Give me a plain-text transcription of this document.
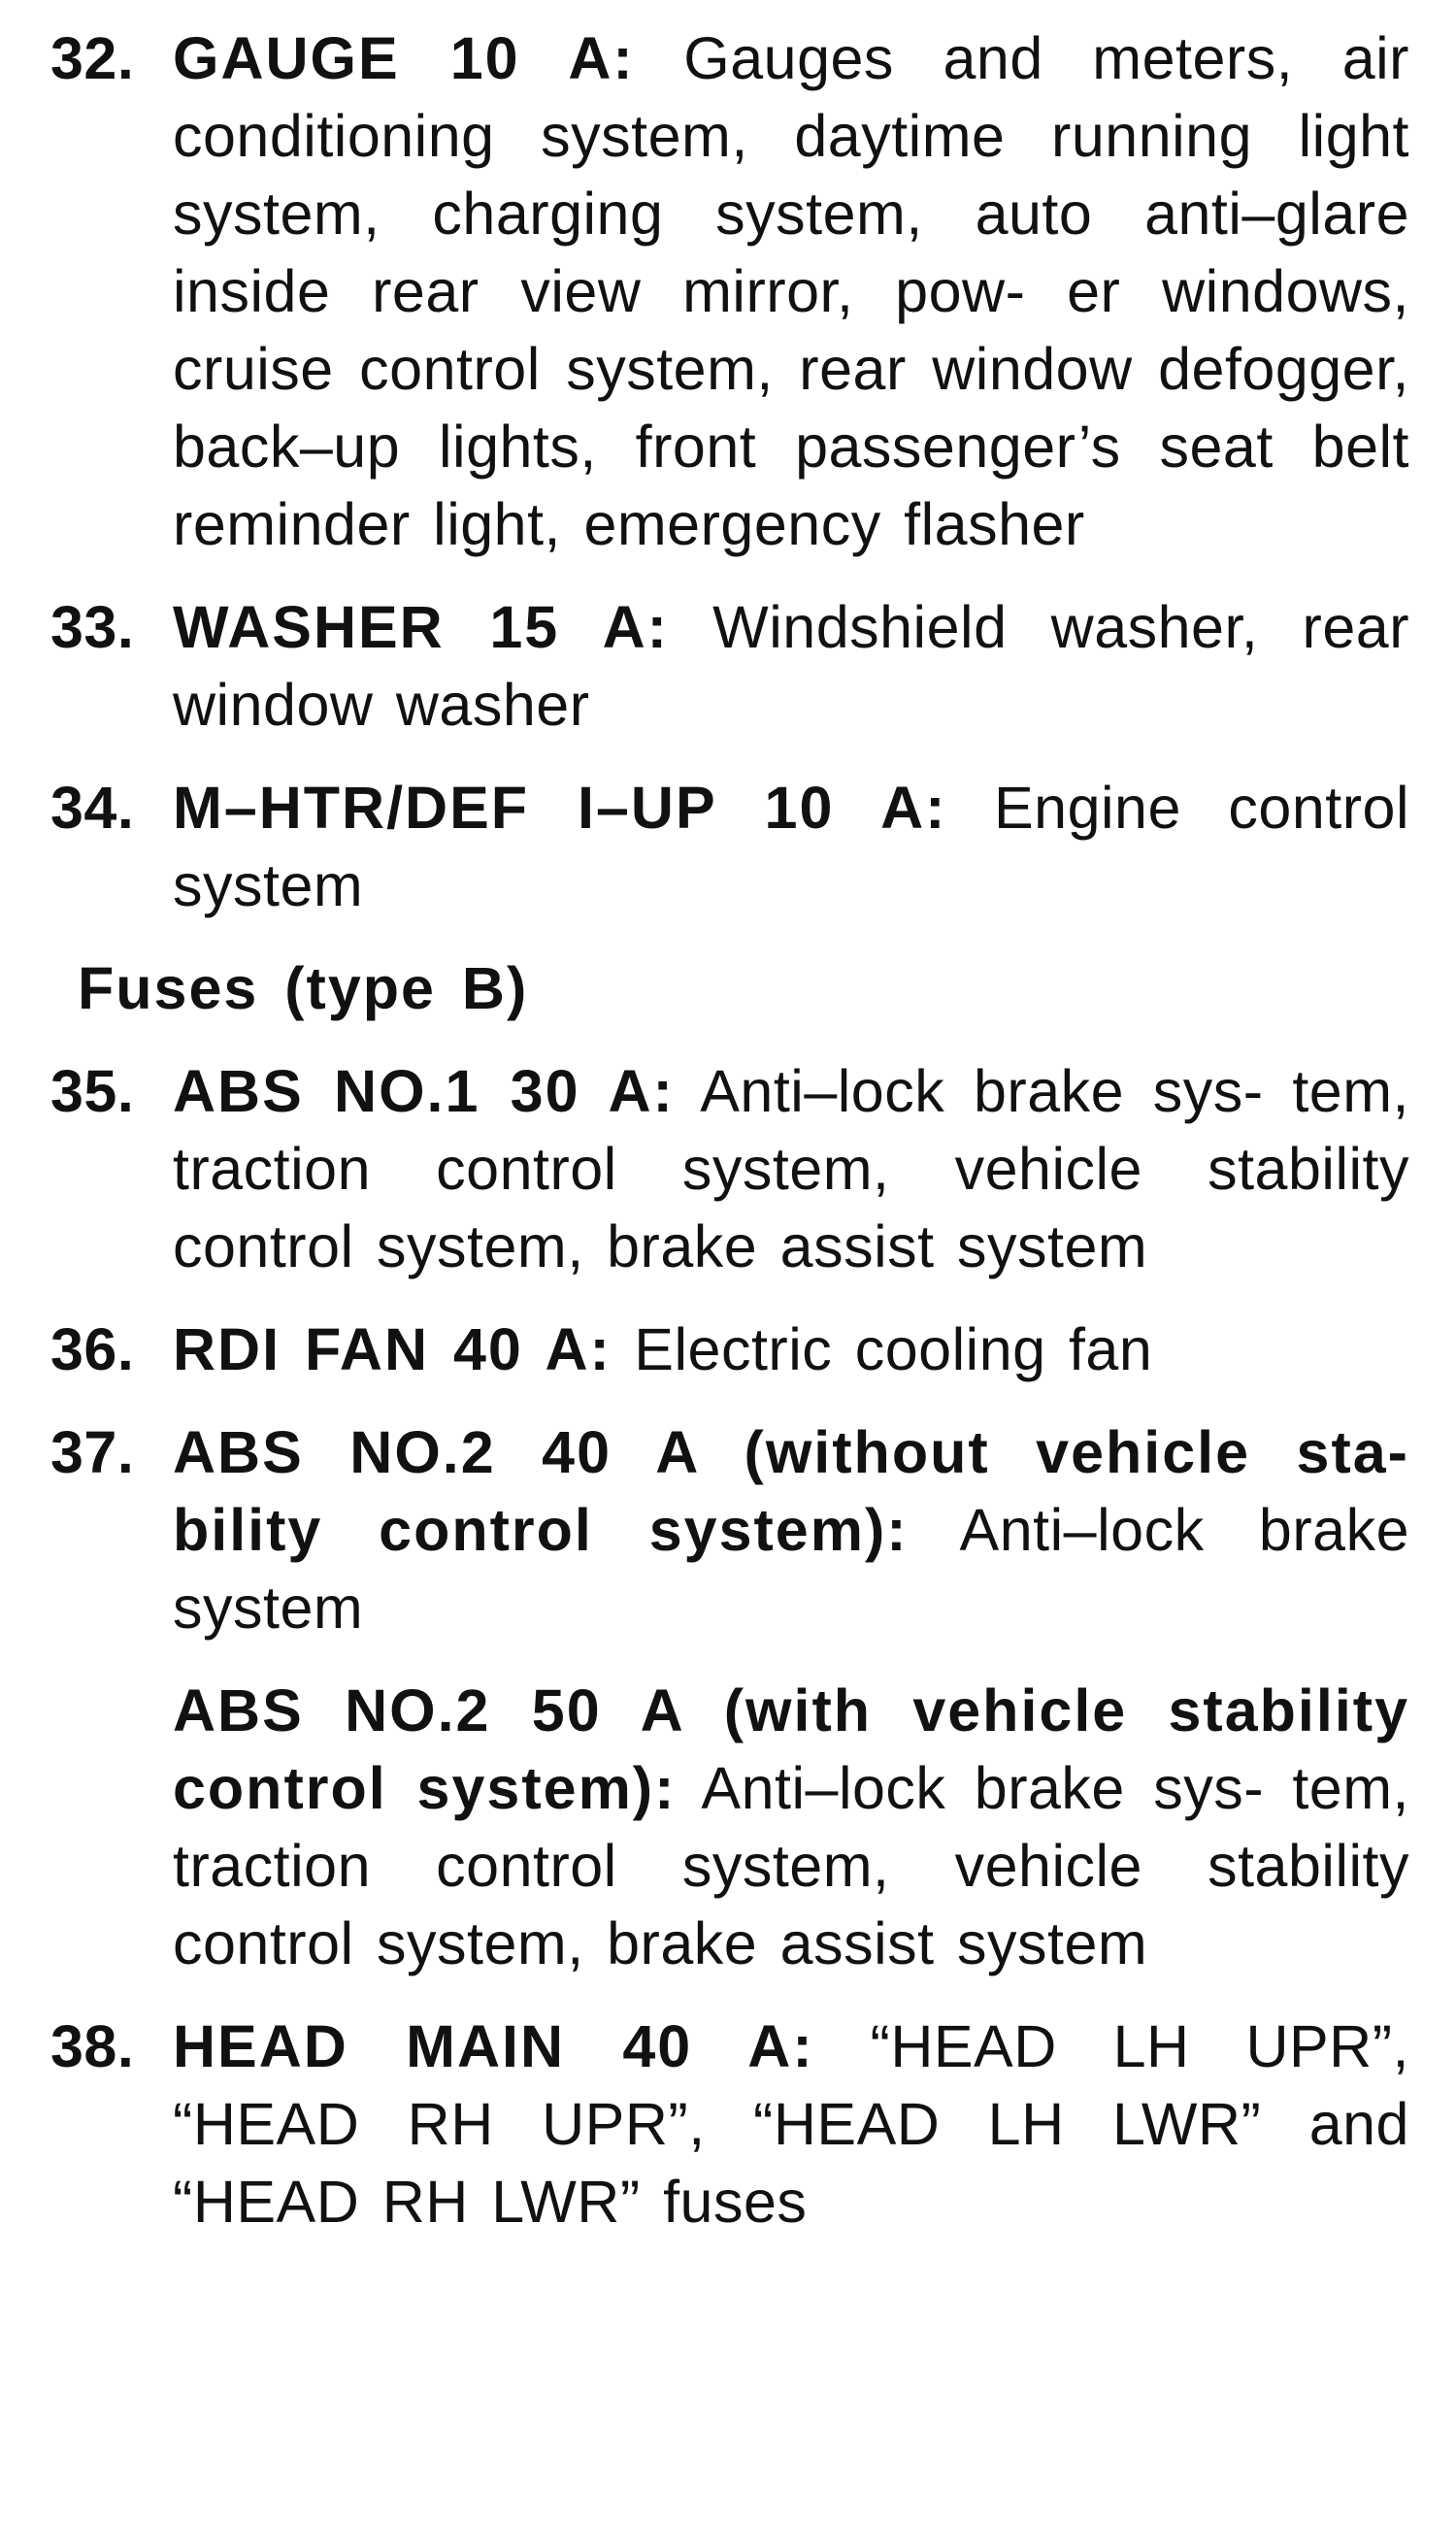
32. GAUGE 10 A: Gauges and meters, air conditioning system, daytime running light system, charging system, auto anti–glare inside rear view mirror, pow- er windows, cruise control system, rear window defogger, back–up lights, front passenger’s seat belt reminder light, emergency flasher
33. WASHER 15 A: Windshield washer, rear window washer
34. M–HTR/DEF I–UP 10 A: Engine control system
Fuses (type B)
35. ABS NO.1 30 A: Anti–lock brake sys- tem, traction control system, vehicle stability control system, brake assist system
36. RDI FAN 40 A: Electric cooling fan
37. ABS NO.2 40 A (without vehicle sta- bility control system): Anti–lock brake system
ABS NO.2 50 A (with vehicle stability control system): Anti–lock brake sys- tem, traction control system, vehicle stability control system, brake assist system
38. HEAD MAIN 40 A: “HEAD LH UPR”, “HEAD RH UPR”, “HEAD LH LWR” and “HEAD RH LWR” fuses
